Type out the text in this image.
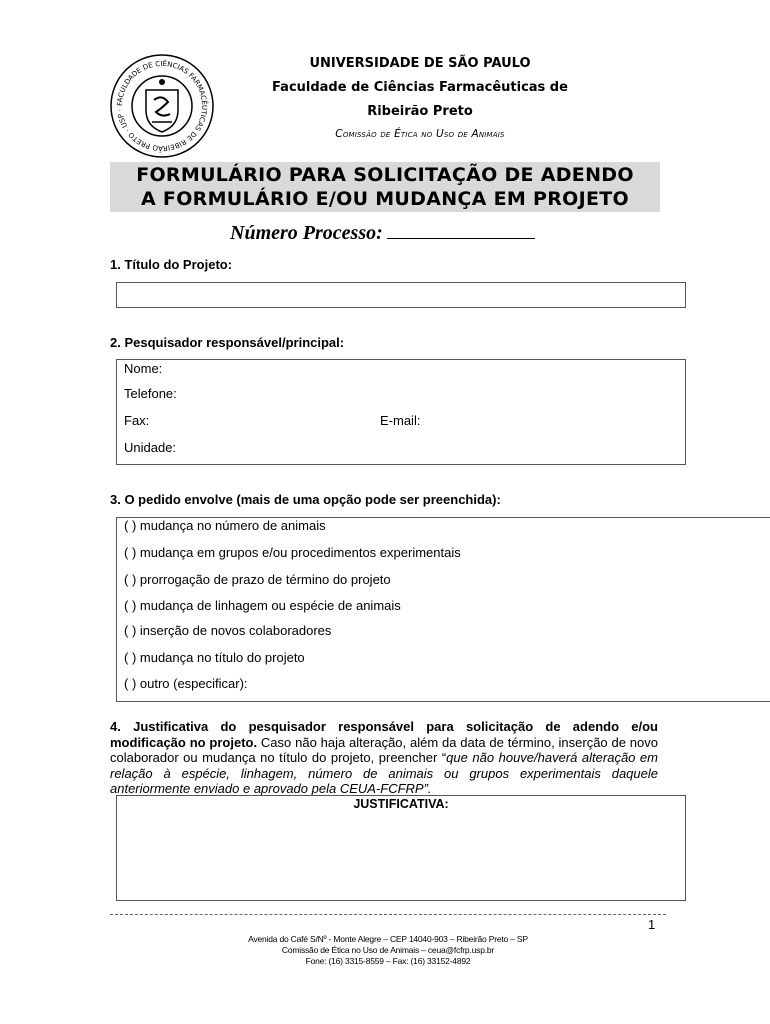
FACULDADE DE CIÊNCIAS FARMACÊUTICAS DE RIBEIRÃO PRETO · USP ·
UNIVERSIDADE DE SÃO PAULO
Faculdade de Ciências Farmacêuticas de
Ribeirão Preto
Comissão de Ética no Uso de Animais
FORMULÁRIO PARA SOLICITAÇÃO DE ADENDO
A FORMULÁRIO E/OU MUDANÇA EM PROJETO
Número Processo:
1. Título do Projeto:
2. Pesquisador responsável/principal:
Nome:
Telefone:
Fax:	E-mail:
Unidade:
3. O pedido envolve (mais de uma opção pode ser preenchida):
( ) mudança no número de animais
( ) mudança em grupos e/ou procedimentos experimentais
( ) prorrogação de prazo de término do projeto
( ) mudança de linhagem ou espécie de animais
( ) inserção de novos colaboradores
( ) mudança no título do projeto
( ) outro (especificar):
4. Justificativa do pesquisador responsável para solicitação de adendo e/ou modificação no projeto. Caso não haja alteração, além da data de término, inserção de novo colaborador ou mudança no título do projeto, preencher “que não houve/haverá alteração em relação à espécie, linhagem, número de animais ou grupos experimentais daquele anteriormente enviado e aprovado pela CEUA-FCFRP”.
JUSTIFICATIVA:
1
Avenida do Café S/Nº - Monte Alegre – CEP 14040-903 – Ribeirão Preto – SP
Comissão de Ética no Uso de Animais – ceua@fcfrp.usp.br
Fone: (16) 3315-8559 – Fax: (16) 33152-4892
